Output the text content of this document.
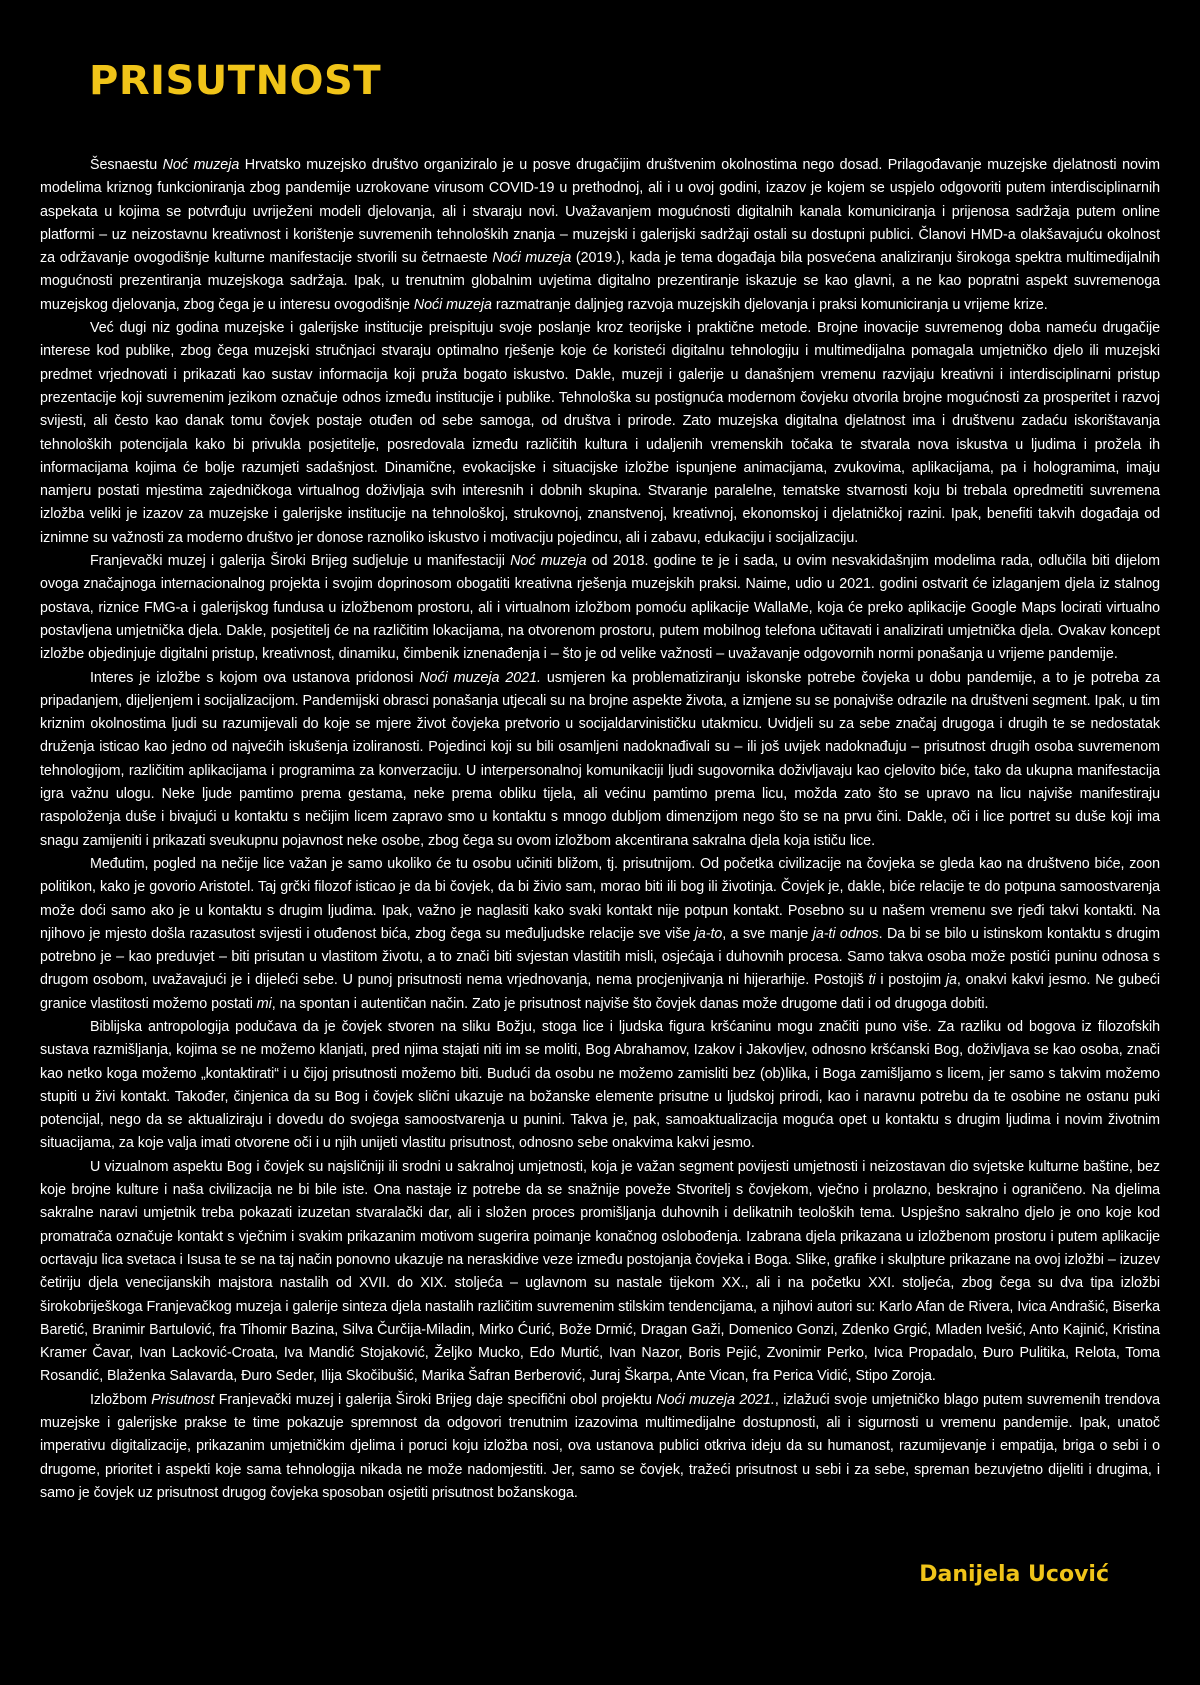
PRISUTNOST

Šesnaestu Noć muzeja Hrvatsko muzejsko društvo organiziralo je u posve drugačijim društvenim okolnostima nego dosad. Prilagođavanje muzejske djelatnosti novim modelima kriznog funkcioniranja zbog pandemije uzrokovane virusom COVID-19 u prethodnoj, ali i u ovoj godini, izazov je kojem se uspjelo odgovoriti putem interdisciplinarnih aspekata u kojima se potvrđuju uvriježeni modeli djelovanja, ali i stvaraju novi. Uvažavanjem mogućnosti digitalnih kanala komuniciranja i prijenosa sadržaja putem online platformi – uz neizostavnu kreativnost i korištenje suvremenih tehnoloških znanja – muzejski i galerijski sadržaji ostali su dostupni publici. Članovi HMD-a olakšavajuću okolnost za održavanje ovogodišnje kulturne manifestacije stvorili su četrnaeste Noći muzeja (2019.), kada je tema događaja bila posvećena analiziranju širokoga spektra multimedijalnih mogućnosti prezentiranja muzejskoga sadržaja. Ipak, u trenutnim globalnim uvjetima digitalno prezentiranje iskazuje se kao glavni, a ne kao popratni aspekt suvremenoga muzejskog djelovanja, zbog čega je u interesu ovogodišnje Noći muzeja razmatranje daljnjeg razvoja muzejskih djelovanja i praksi komuniciranja u vrijeme krize.

Već dugi niz godina muzejske i galerijske institucije preispituju svoje poslanje kroz teorijske i praktične metode. Brojne inovacije suvremenog doba nameću drugačije interese kod publike, zbog čega muzejski stručnjaci stvaraju optimalno rješenje koje će koristeći digitalnu tehnologiju i multimedijalna pomagala umjetničko djelo ili muzejski predmet vrjednovati i prikazati kao sustav informacija koji pruža bogato iskustvo. Dakle, muzeji i galerije u današnjem vremenu razvijaju kreativni i interdisciplinarni pristup prezentacije koji suvremenim jezikom označuje odnos između institucije i publike. Tehnološka su postignuća modernom čovjeku otvorila brojne mogućnosti za prosperitet i razvoj svijesti, ali često kao danak tomu čovjek postaje otuđen od sebe samoga, od društva i prirode. Zato muzejska digitalna djelatnost ima i društvenu zadaću iskorištavanja tehnoloških potencijala kako bi privukla posjetitelje, posredovala između različitih kultura i udaljenih vremenskih točaka te stvarala nova iskustva u ljudima i prožela ih informacijama kojima će bolje razumjeti sadašnjost. Dinamične, evokacijske i situacijske izložbe ispunjene animacijama, zvukovima, aplikacijama, pa i hologramima, imaju namjeru postati mjestima zajedničkoga virtualnog doživljaja svih interesnih i dobnih skupina. Stvaranje paralelne, tematske stvarnosti koju bi trebala opredmetiti suvremena izložba veliki je izazov za muzejske i galerijske institucije na tehnološkoj, strukovnoj, znanstvenoj, kreativnoj, ekonomskoj i djelatničkoj razini. Ipak, benefiti takvih događaja od iznimne su važnosti za moderno društvo jer donose raznoliko iskustvo i motivaciju pojedincu, ali i zabavu, edukaciju i socijalizaciju.

Franjevački muzej i galerija Široki Brijeg sudjeluje u manifestaciji Noć muzeja od 2018. godine te je i sada, u ovim nesvakidašnjim modelima rada, odlučila biti dijelom ovoga značajnoga internacionalnog projekta i svojim doprinosom obogatiti kreativna rješenja muzejskih praksi. Naime, udio u 2021. godini ostvarit će izlaganjem djela iz stalnog postava, riznice FMG-a i galerijskog fundusa u izložbenom prostoru, ali i virtualnom izložbom pomoću aplikacije WallaMe, koja će preko aplikacije Google Maps locirati virtualno postavljena umjetnička djela. Dakle, posjetitelj će na različitim lokacijama, na otvorenom prostoru, putem mobilnog telefona učitavati i analizirati umjetnička djela. Ovakav koncept izložbe objedinjuje digitalni pristup, kreativnost, dinamiku, čimbenik iznenađenja i – što je od velike važnosti – uvažavanje odgovornih normi ponašanja u vrijeme pandemije.

Interes je izložbe s kojom ova ustanova pridonosi Noći muzeja 2021. usmjeren ka problematiziranju iskonske potrebe čovjeka u dobu pandemije, a to je potreba za pripadanjem, dijeljenjem i socijalizacijom. Pandemijski obrasci ponašanja utjecali su na brojne aspekte života, a izmjene su se ponajviše odrazile na društveni segment. Ipak, u tim kriznim okolnostima ljudi su razumijevali do koje se mjere život čovjeka pretvorio u socijaldarvinističku utakmicu. Uvidjeli su za sebe značaj drugoga i drugih te se nedostatak druženja isticao kao jedno od najvećih iskušenja izoliranosti. Pojedinci koji su bili osamljeni nadoknađivali su – ili još uvijek nadoknađuju – prisutnost drugih osoba suvremenom tehnologijom, različitim aplikacijama i programima za konverzaciju. U interpersonalnoj komunikaciji ljudi sugovornika doživljavaju kao cjelovito biće, tako da ukupna manifestacija igra važnu ulogu. Neke ljude pamtimo prema gestama, neke prema obliku tijela, ali većinu pamtimo prema licu, možda zato što se upravo na licu najviše manifestiraju raspoloženja duše i bivajući u kontaktu s nečijim licem zapravo smo u kontaktu s mnogo dubljom dimenzijom nego što se na prvu čini. Dakle, oči i lice portret su duše koji ima snagu zamijeniti i prikazati sveukupnu pojavnost neke osobe, zbog čega su ovom izložbom akcentirana sakralna djela koja ističu lice.

Međutim, pogled na nečije lice važan je samo ukoliko će tu osobu učiniti bližom, tj. prisutnijom. Od početka civilizacije na čovjeka se gleda kao na društveno biće, zoon politikon, kako je govorio Aristotel. Taj grčki filozof isticao je da bi čovjek, da bi živio sam, morao biti ili bog ili životinja. Čovjek je, dakle, biće relacije te do potpuna samoostvarenja može doći samo ako je u kontaktu s drugim ljudima. Ipak, važno je naglasiti kako svaki kontakt nije potpun kontakt. Posebno su u našem vremenu sve rjeđi takvi kontakti. Na njihovo je mjesto došla razasutost svijesti i otuđenost bića, zbog čega su međuljudske relacije sve više ja-to, a sve manje ja-ti odnos. Da bi se bilo u istinskom kontaktu s drugim potrebno je – kao preduvjet – biti prisutan u vlastitom životu, a to znači biti svjestan vlastitih misli, osjećaja i duhovnih procesa. Samo takva osoba može postići puninu odnosa s drugom osobom, uvažavajući je i dijeleći sebe. U punoj prisutnosti nema vrjednovanja, nema procjenjivanja ni hijerarhije. Postojiš ti i postojim ja, onakvi kakvi jesmo. Ne gubeći granice vlastitosti možemo postati mi, na spontan i autentičan način. Zato je prisutnost najviše što čovjek danas može drugome dati i od drugoga dobiti.

Biblijska antropologija podučava da je čovjek stvoren na sliku Božju, stoga lice i ljudska figura kršćaninu mogu značiti puno više. Za razliku od bogova iz filozofskih sustava razmišljanja, kojima se ne možemo klanjati, pred njima stajati niti im se moliti, Bog Abrahamov, Izakov i Jakovljev, odnosno kršćanski Bog, doživljava se kao osoba, znači kao netko koga možemo „kontaktirati“ i u čijoj prisutnosti možemo biti. Budući da osobu ne možemo zamisliti bez (ob)lika, i Boga zamišljamo s licem, jer samo s takvim možemo stupiti u živi kontakt. Također, činjenica da su Bog i čovjek slični ukazuje na božanske elemente prisutne u ljudskoj prirodi, kao i naravnu potrebu da te osobine ne ostanu puki potencijal, nego da se aktualiziraju i dovedu do svojega samoostvarenja u punini. Takva je, pak, samoaktualizacija moguća opet u kontaktu s drugim ljudima i novim životnim situacijama, za koje valja imati otvorene oči i u njih unijeti vlastitu prisutnost, odnosno sebe onakvima kakvi jesmo.

U vizualnom aspektu Bog i čovjek su najsličniji ili srodni u sakralnoj umjetnosti, koja je važan segment povijesti umjetnosti i neizostavan dio svjetske kulturne baštine, bez koje brojne kulture i naša civilizacija ne bi bile iste. Ona nastaje iz potrebe da se snažnije poveže Stvoritelj s čovjekom, vječno i prolazno, beskrajno i ograničeno. Na djelima sakralne naravi umjetnik treba pokazati izuzetan stvaralački dar, ali i složen proces promišljanja duhovnih i delikatnih teoloških tema. Uspješno sakralno djelo je ono koje kod promatrača označuje kontakt s vječnim i svakim prikazanim motivom sugerira poimanje konačnog oslobođenja. Izabrana djela prikazana u izložbenom prostoru i putem aplikacije ocrtavaju lica svetaca i Isusa te se na taj način ponovno ukazuje na neraskidive veze između postojanja čovjeka i Boga. Slike, grafike i skulpture prikazane na ovoj izložbi – izuzev četiriju djela venecijanskih majstora nastalih od XVII. do XIX. stoljeća – uglavnom su nastale tijekom XX., ali i na početku XXI. stoljeća, zbog čega su dva tipa izložbi širokobriješkoga Franjevačkog muzeja i galerije sinteza djela nastalih različitim suvremenim stilskim tendencijama, a njihovi autori su: Karlo Afan de Rivera, Ivica Andrašić, Biserka Baretić, Branimir Bartulović, fra Tihomir Bazina, Silva Čurčija-Miladin, Mirko Ćurić, Bože Drmić, Dragan Gaži, Domenico Gonzi, Zdenko Grgić, Mladen Ivešić, Anto Kajinić, Kristina Kramer Čavar, Ivan Lacković-Croata, Iva Mandić Stojaković, Željko Mucko, Edo Murtić, Ivan Nazor, Boris Pejić, Zvonimir Perko, Ivica Propadalo, Đuro Pulitika, Relota, Toma Rosandić, Blaženka Salavarda, Đuro Seder, Ilija Skočibušić, Marika Šafran Berberović, Juraj Škarpa, Ante Vican, fra Perica Vidić, Stipo Zoroja.

Izložbom Prisutnost Franjevački muzej i galerija Široki Brijeg daje specifični obol projektu Noći muzeja 2021., izlažući svoje umjetničko blago putem suvremenih trendova muzejske i galerijske prakse te time pokazuje spremnost da odgovori trenutnim izazovima multimedijalne dostupnosti, ali i sigurnosti u vremenu pandemije. Ipak, unatoč imperativu digitalizacije, prikazanim umjetničkim djelima i poruci koju izložba nosi, ova ustanova publici otkriva ideju da su humanost, razumijevanje i empatija, briga o sebi i o drugome, prioritet i aspekti koje sama tehnologija nikada ne može nadomjestiti. Jer, samo se čovjek, tražeći prisutnost u sebi i za sebe, spreman bezuvjetno dijeliti i drugima, i samo je čovjek uz prisutnost drugog čovjeka sposoban osjetiti prisutnost božanskoga.

Danijela Ucović
